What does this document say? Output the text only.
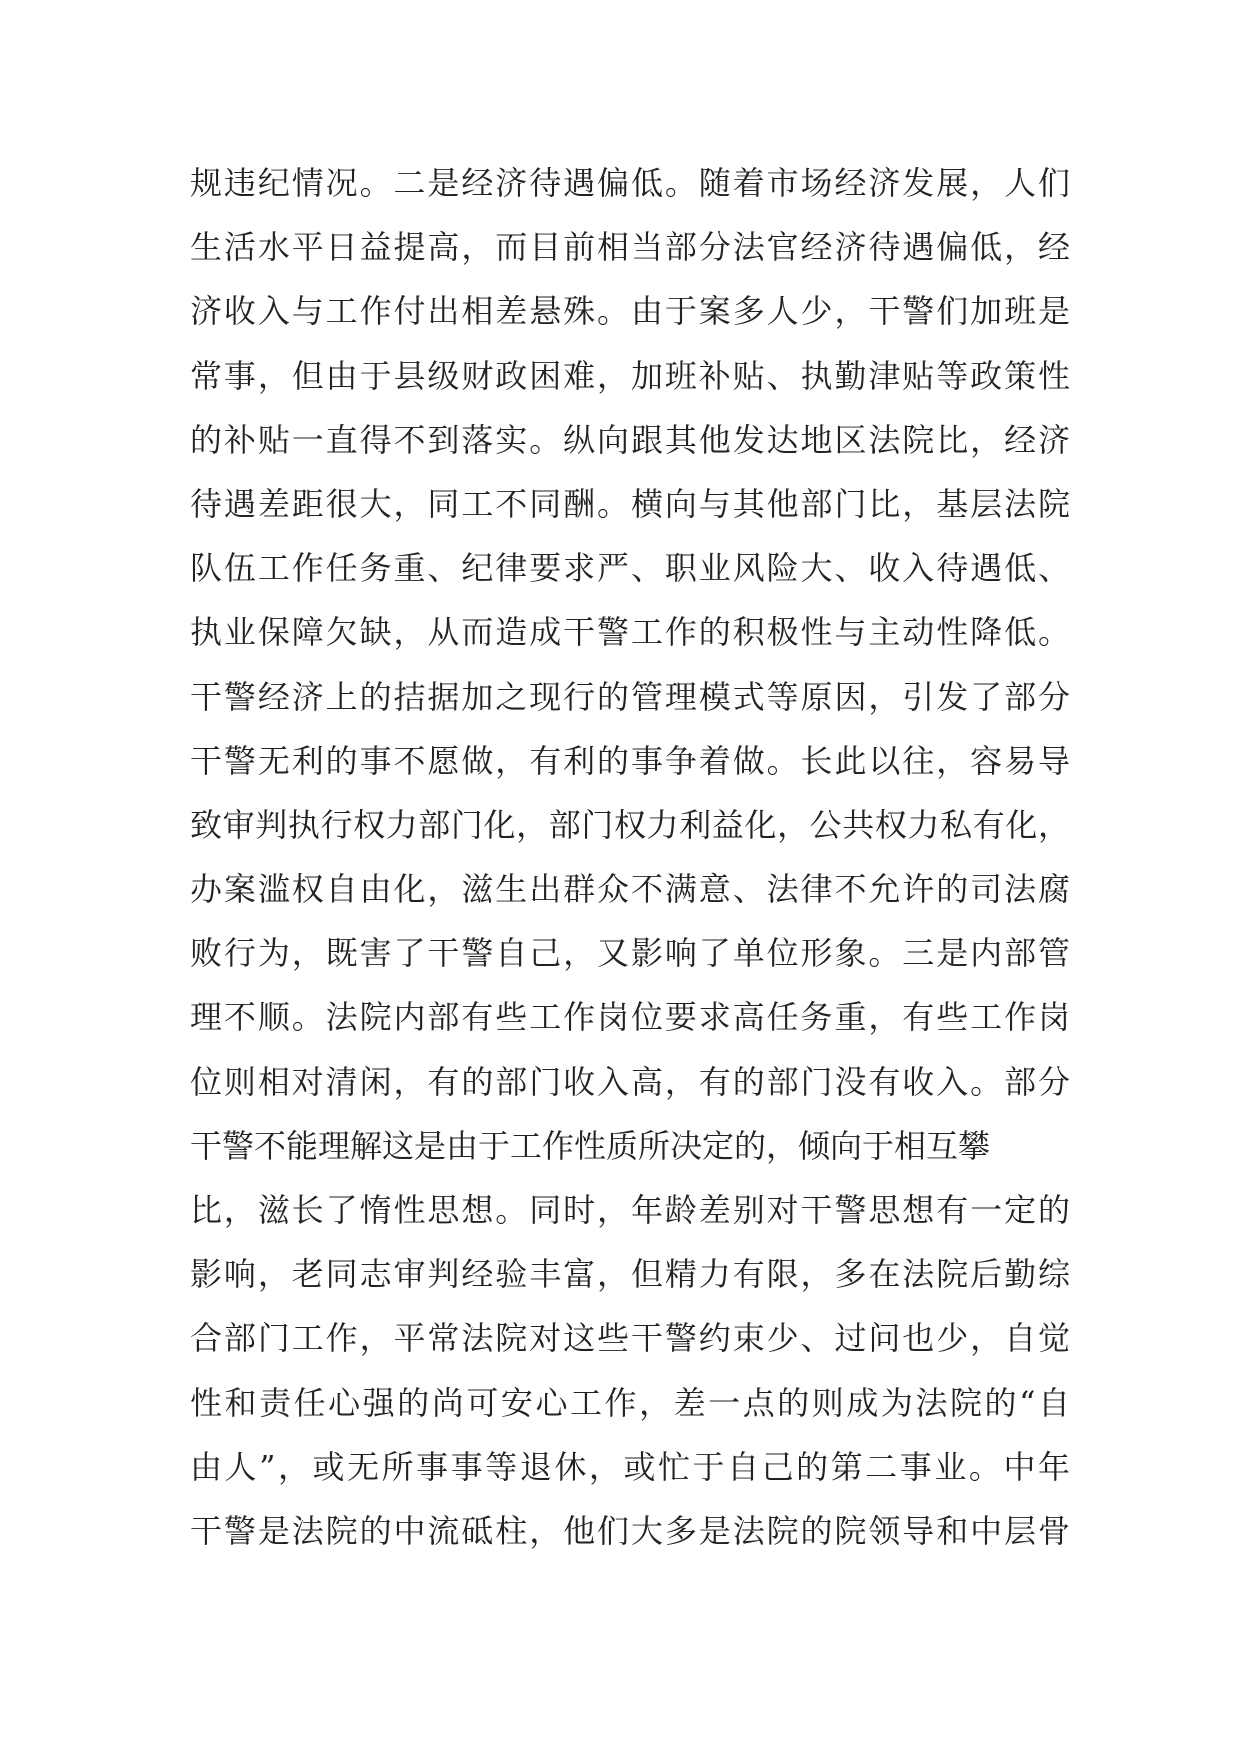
规违纪情况。二是经济待遇偏低。随着市场经济发展，人们
生活水平日益提高，而目前相当部分法官经济待遇偏低，经
济收入与工作付出相差悬殊。由于案多人少，干警们加班是
常事，但由于县级财政困难，加班补贴、执勤津贴等政策性
的补贴一直得不到落实。纵向跟其他发达地区法院比，经济
待遇差距很大，同工不同酬。横向与其他部门比，基层法院
队伍工作任务重、纪律要求严、职业风险大、收入待遇低、
执业保障欠缺，从而造成干警工作的积极性与主动性降低。
干警经济上的拮据加之现行的管理模式等原因，引发了部分
干警无利的事不愿做，有利的事争着做。长此以往，容易导
致审判执行权力部门化，部门权力利益化，公共权力私有化，
办案滥权自由化，滋生出群众不满意、法律不允许的司法腐
败行为，既害了干警自己，又影响了单位形象。三是内部管
理不顺。法院内部有些工作岗位要求高任务重，有些工作岗
位则相对清闲，有的部门收入高，有的部门没有收入。部分
干警不能理解这是由于工作性质所决定的，倾向于相互攀
比，滋长了惰性思想。同时，年龄差别对干警思想有一定的
影响，老同志审判经验丰富，但精力有限，多在法院后勤综
合部门工作，平常法院对这些干警约束少、过问也少，自觉
性和责任心强的尚可安心工作，差一点的则成为法院的“自
由人”，或无所事事等退休，或忙于自己的第二事业。中年
干警是法院的中流砥柱，他们大多是法院的院领导和中层骨
